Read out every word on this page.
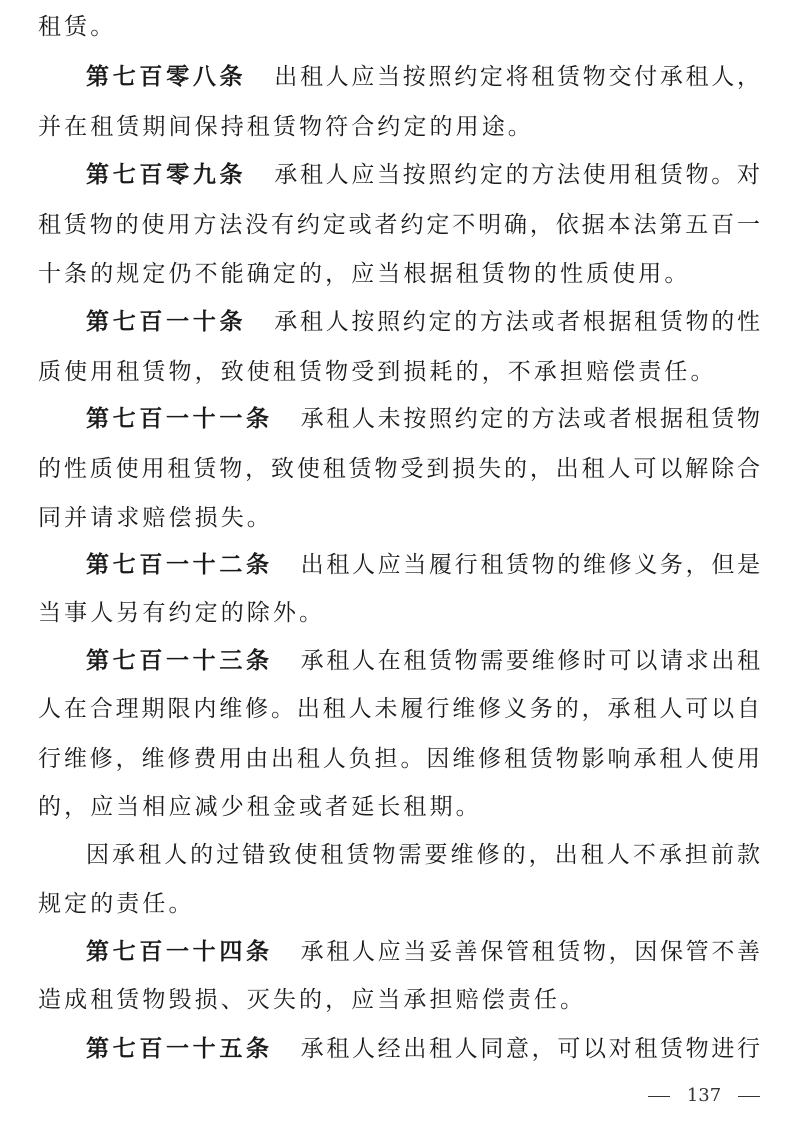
租赁。
第七百零八条 出租人应当按照约定将租赁物交付承租人，
并在租赁期间保持租赁物符合约定的用途。
第七百零九条 承租人应当按照约定的方法使用租赁物。对
租赁物的使用方法没有约定或者约定不明确，依据本法第五百一
十条的规定仍不能确定的，应当根据租赁物的性质使用。
第七百一十条 承租人按照约定的方法或者根据租赁物的性
质使用租赁物，致使租赁物受到损耗的，不承担赔偿责任。
第七百一十一条 承租人未按照约定的方法或者根据租赁物
的性质使用租赁物，致使租赁物受到损失的，出租人可以解除合
同并请求赔偿损失。
第七百一十二条 出租人应当履行租赁物的维修义务，但是
当事人另有约定的除外。
第七百一十三条 承租人在租赁物需要维修时可以请求出租
人在合理期限内维修。出租人未履行维修义务的，承租人可以自
行维修，维修费用由出租人负担。因维修租赁物影响承租人使用
的，应当相应减少租金或者延长租期。
因承租人的过错致使租赁物需要维修的，出租人不承担前款
规定的责任。
第七百一十四条 承租人应当妥善保管租赁物，因保管不善
造成租赁物毁损、灭失的，应当承担赔偿责任。
第七百一十五条 承租人经出租人同意，可以对租赁物进行
137
